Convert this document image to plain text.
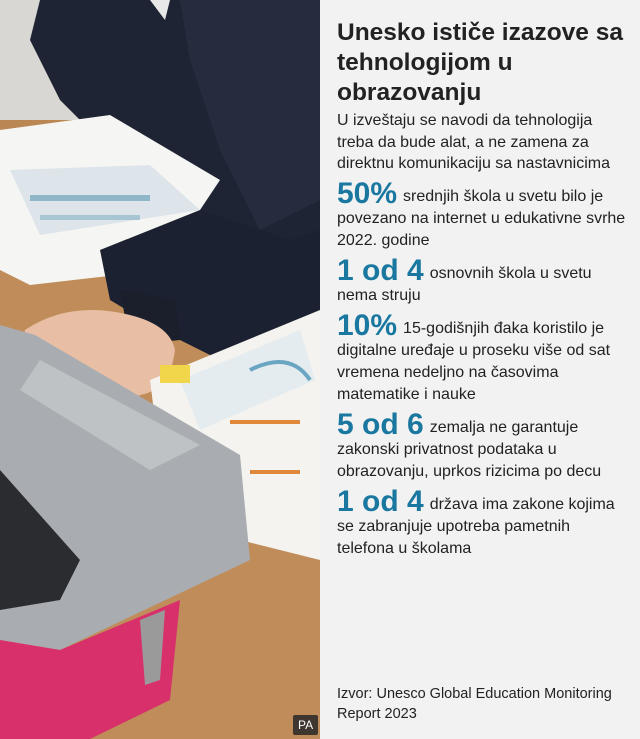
PA
Unesko ističe izazove sa tehnologijom u obrazovanju

U izveštaju se navodi da tehnologija treba da bude alat, a ne zamena za direktnu komunikaciju sa nastavnicima

50% srednjih škola u svetu bilo je povezano na internet u edukativne svrhe 2022. godine

1 od 4 osnovnih škola u svetu nema struju

10% 15-godišnjih đaka koristilo je digitalne uređaje u proseku više od sat vremena nedeljno na časovima matematike i nauke

5 od 6 zemalja ne garantuje zakonski privatnost podataka u obrazovanju, uprkos rizicima po decu

1 od 4 država ima zakone kojima se zabranjuje upotreba pametnih telefona u školama

Izvor: Unesco Global Education Monitoring Report 2023
